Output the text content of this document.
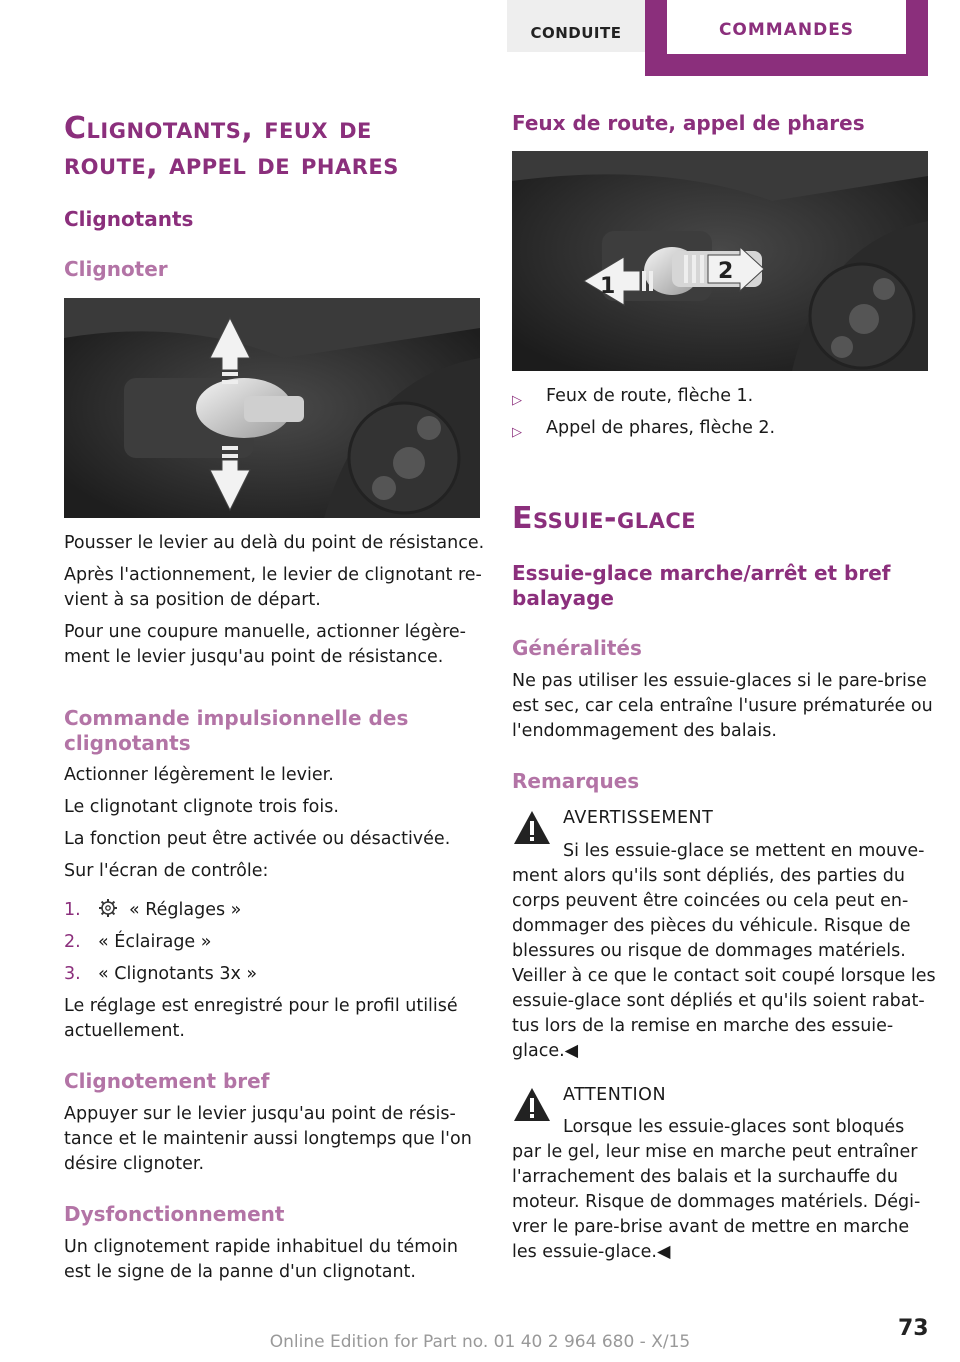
CONDUITE	COMMANDES
Clignotants, feux de
route, appel de phares
Clignotants
Clignoter
Pousser le levier au delà du point de résistance.
Après l'actionnement, le levier de clignotant re‐
vient à sa position de départ.
Pour une coupure manuelle, actionner légère‐
ment le levier jusqu'au point de résistance.
Commande impulsionnelle des
clignotants
Actionner légèrement le levier.
Le clignotant clignote trois fois.
La fonction peut être activée ou désactivée.
Sur l'écran de contrôle:
1.	« Réglages »
2. « Éclairage »
3. « Clignotants 3x »
Le réglage est enregistré pour le profil utilisé
actuellement.
Clignotement bref
Appuyer sur le levier jusqu'au point de résis‐
tance et le maintenir aussi longtemps que l'on
désire clignoter.
Dysfonctionnement
Un clignotement rapide inhabituel du témoin
est le signe de la panne d'un clignotant.
Feux de route, appel de phares
1
2
▷ Feux de route, flèche 1.
▷ Appel de phares, flèche 2.
Essuie-glace
Essuie-glace marche/arrêt et bref
balayage
Généralités
Ne pas utiliser les essuie-glaces si le pare-brise
est sec, car cela entraîne l'usure prématurée ou
l'endommagement des balais.
Remarques
AVERTISSEMENT
Si les essuie-glace se mettent en mouve‐
ment alors qu'ils sont dépliés, des parties du
corps peuvent être coincées ou cela peut en‐
dommager des pièces du véhicule. Risque de
blessures ou risque de dommages matériels.
Veiller à ce que le contact soit coupé lorsque les
essuie-glace sont dépliés et qu'ils soient rabat‐
tus lors de la remise en marche des essuie-
glace.◀
ATTENTION
Lorsque les essuie-glaces sont bloqués
par le gel, leur mise en marche peut entraîner
l'arrachement des balais et la surchauffe du
moteur. Risque de dommages matériels. Dégi‐
vrer le pare-brise avant de mettre en marche
les essuie-glace.◀
73
Online Edition for Part no. 01 40 2 964 680 - X/15
